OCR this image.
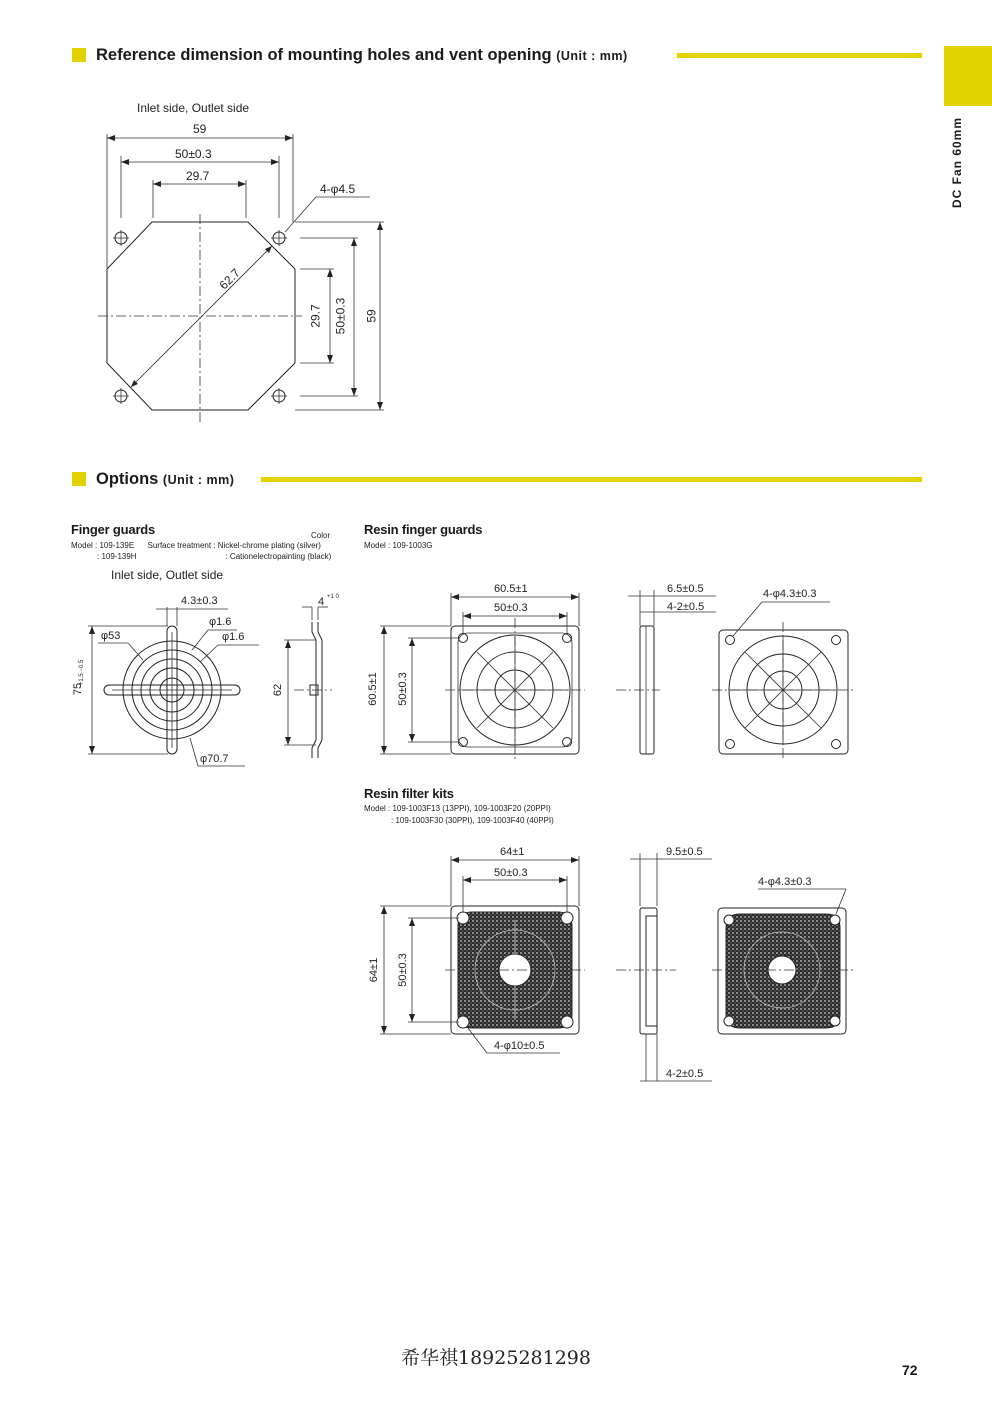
DC Fan 60mm
Reference dimension of mounting holes and vent opening (Unit : mm)
Inlet side, Outlet side
59
50±0.3
29.7
4-φ4.5
62.7
29.7 50±0.3 59
Options (Unit : mm)
Finger guards	Color
Model : 109-139E      Surface treatment : Nickel-chrome plating (silver)
: 109-139H                                        : Cationelectropainting (black)
Inlet side, Outlet side
4.3±0.3
φ53
φ1.6
φ1.6
75
+1.5 −0.5
φ70.7
4 +1 0
62
Resin finger guards
Model : 109-1003G
60.5±1
50±0.3
60.5±1 50±0.3
6.5±0.5
4-2±0.5
4-φ4.3±0.3
Resin filter kits
Model : 109-1003F13 (13PPI), 109-1003F20 (20PPI)
: 109-1003F30 (30PPI), 109-1003F40 (40PPI)
64±1
50±0.3
64±1 50±0.3
4-φ10±0.5
9.5±0.5
4-φ4.3±0.3
4-2±0.5
希华祺18925281298
72
